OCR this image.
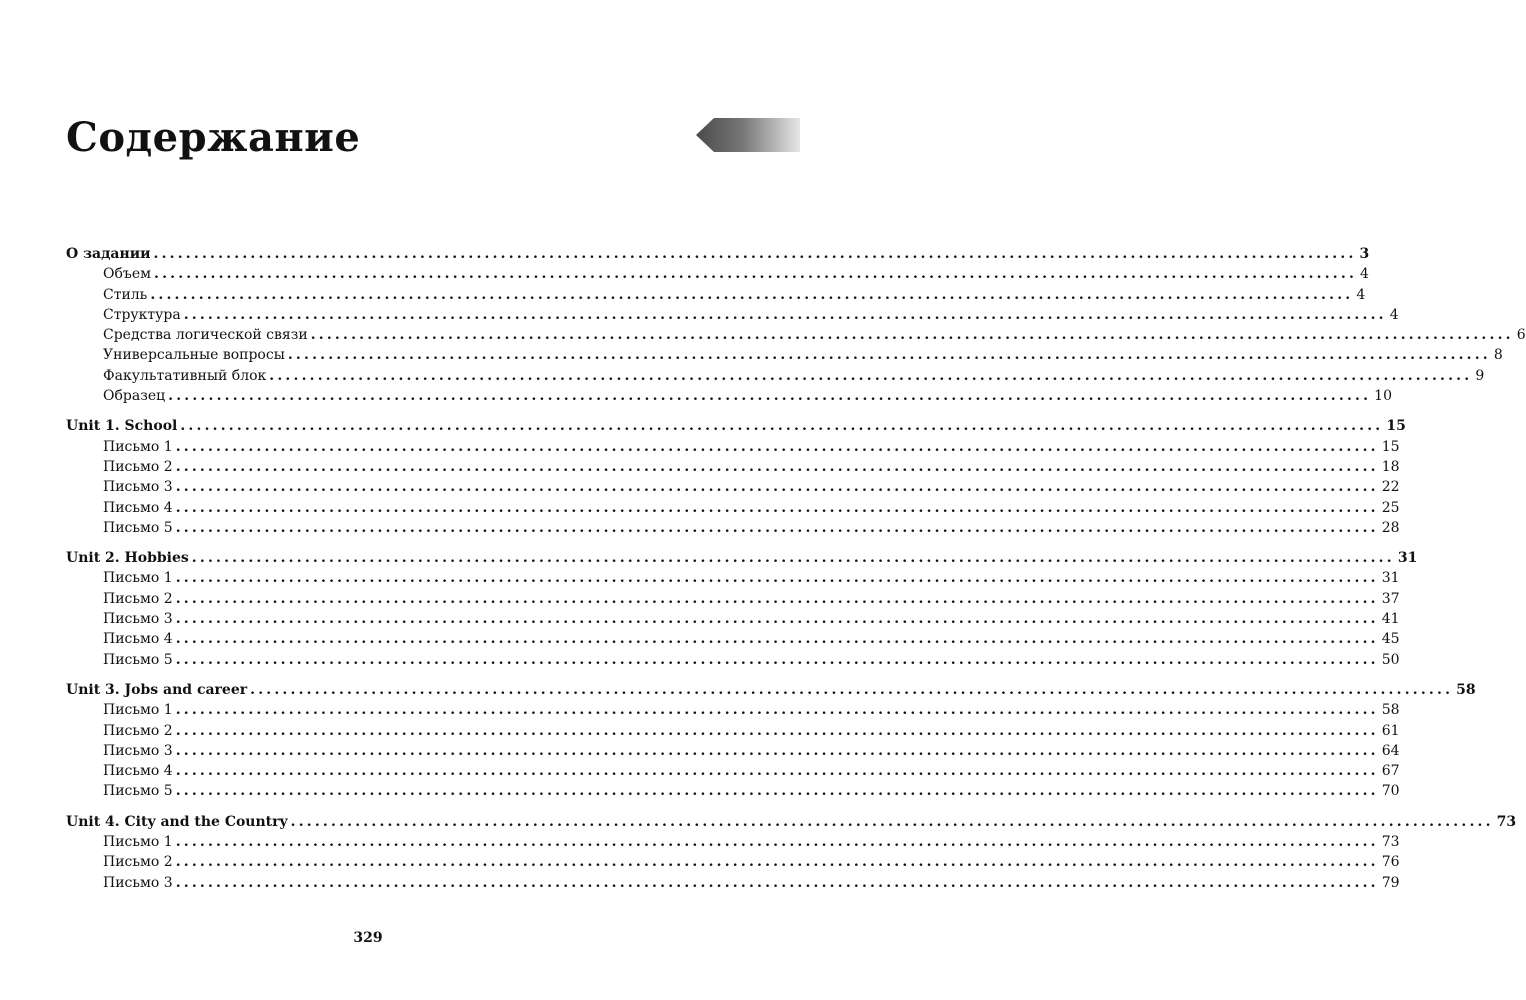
Содержание
О задании ..................................................................................................................................................... 3
Объем ..................................................................................................................................................... 4
Стиль ..................................................................................................................................................... 4
Структура ..................................................................................................................................................... 4
Средства логической связи ..................................................................................................................................................... 6
Универсальные вопросы ..................................................................................................................................................... 8
Факультативный блок ..................................................................................................................................................... 9
Образец ..................................................................................................................................................... 10
Unit 1. School ..................................................................................................................................................... 15
Письмо 1 ..................................................................................................................................................... 15
Письмо 2 ..................................................................................................................................................... 18
Письмо 3 ..................................................................................................................................................... 22
Письмо 4 ..................................................................................................................................................... 25
Письмо 5 ..................................................................................................................................................... 28
Unit 2. Hobbies ..................................................................................................................................................... 31
Письмо 1 ..................................................................................................................................................... 31
Письмо 2 ..................................................................................................................................................... 37
Письмо 3 ..................................................................................................................................................... 41
Письмо 4 ..................................................................................................................................................... 45
Письмо 5 ..................................................................................................................................................... 50
Unit 3. Jobs and career ..................................................................................................................................................... 58
Письмо 1 ..................................................................................................................................................... 58
Письмо 2 ..................................................................................................................................................... 61
Письмо 3 ..................................................................................................................................................... 64
Письмо 4 ..................................................................................................................................................... 67
Письмо 5 ..................................................................................................................................................... 70
Unit 4. City and the Country ..................................................................................................................................................... 73
Письмо 1 ..................................................................................................................................................... 73
Письмо 2 ..................................................................................................................................................... 76
Письмо 3 ..................................................................................................................................................... 79
329
